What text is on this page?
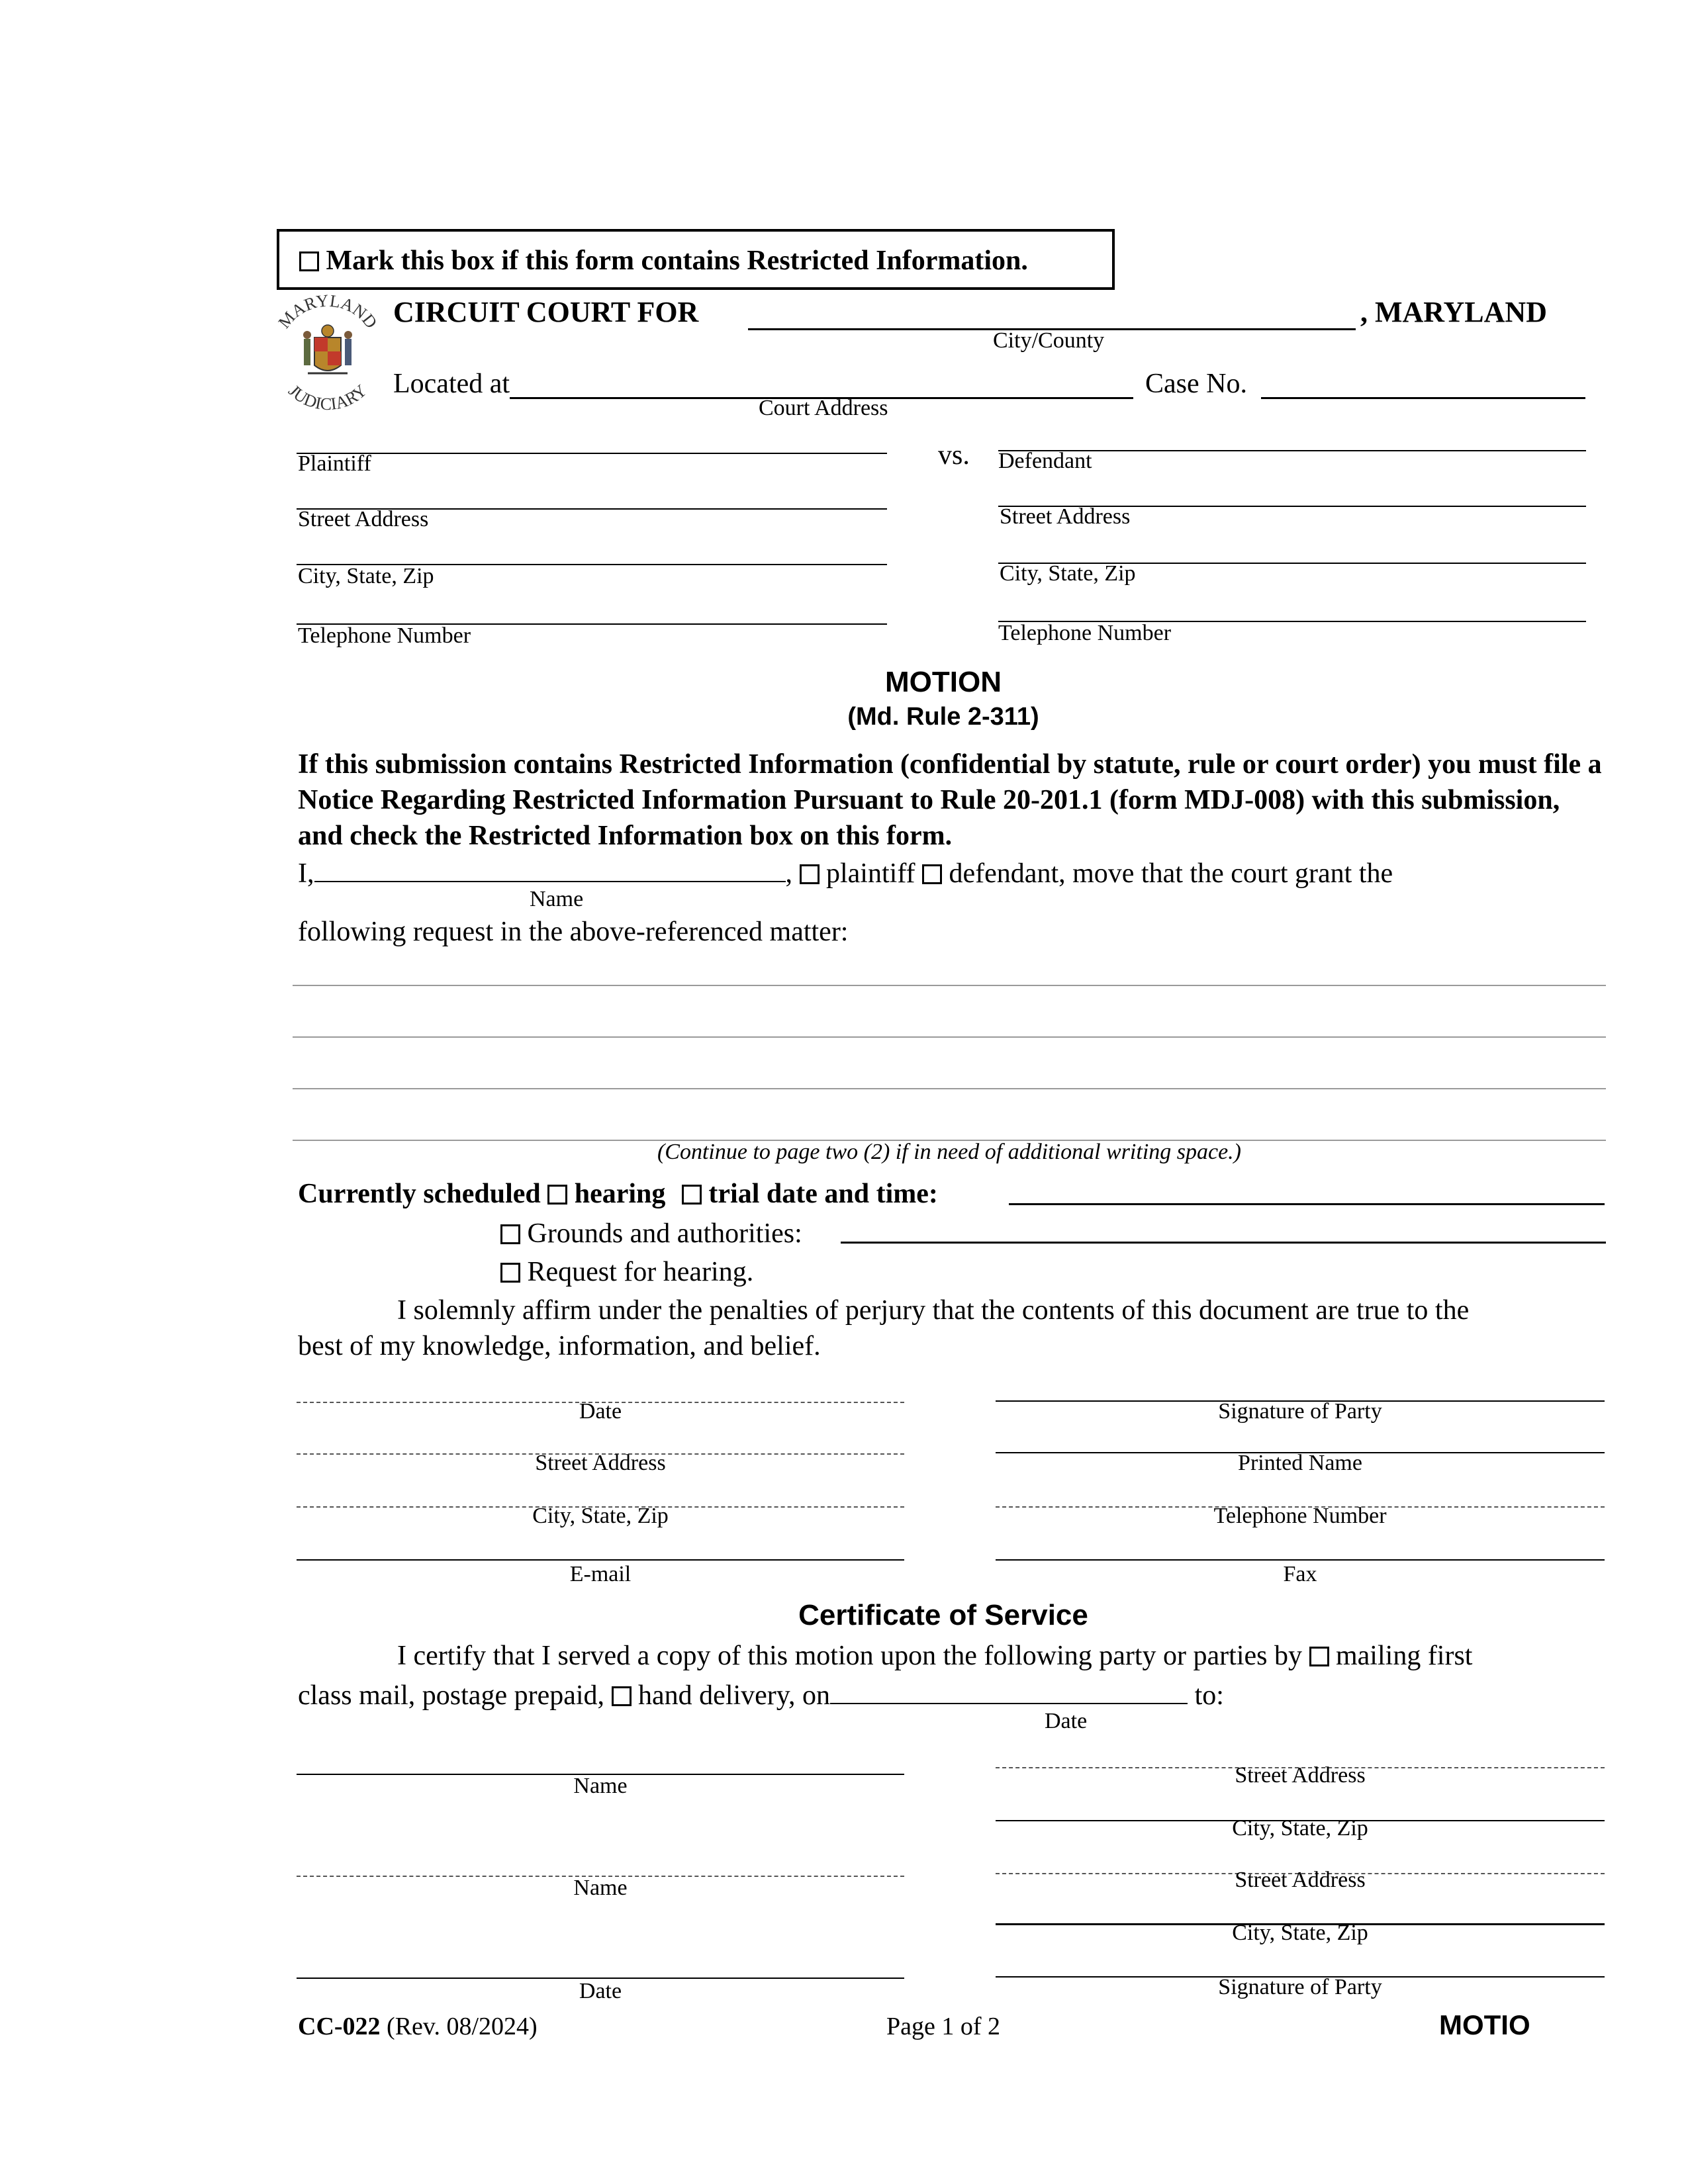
Mark this box if this form contains Restricted Information.
MARYLAND
JUDICIARY
CIRCUIT COURT FOR	, MARYLAND
City/County
Located at	Case No.
Court Address
vs.
Plaintiff
Street Address
City, State, Zip
Telephone Number
Defendant
Street Address
City, State, Zip
Telephone Number
MOTION
(Md. Rule 2-311)
If this submission contains Restricted Information (confidential by statute, rule or court order) you must file a Notice Regarding Restricted Information Pursuant to Rule 20-201.1 (form MDJ-008) with this submission, and check the Restricted Information box on this form.
I,	, plaintiff defendant, move that the court grant the
Name
following request in the above-referenced matter:
(Continue to page two (2) if in need of additional writing space.)
Currently scheduled hearing trial date and time:
Grounds and authorities:
Request for hearing.
I solemnly affirm under the penalties of perjury that the contents of this document are true to the
best of my knowledge, information, and belief.
Date
Street Address
City, State, Zip
E-mail
Signature of Party
Printed Name
Telephone Number
Fax
Certificate of Service
I certify that I served a copy of this motion upon the following party or parties by mailing first
class mail, postage prepaid, hand delivery, on	to:
Date
Name
Name
Date
Street Address
City, State, Zip
Street Address
City, State, Zip
Signature of Party
CC-022 (Rev. 08/2024)	Page 1 of 2	MOTIO
